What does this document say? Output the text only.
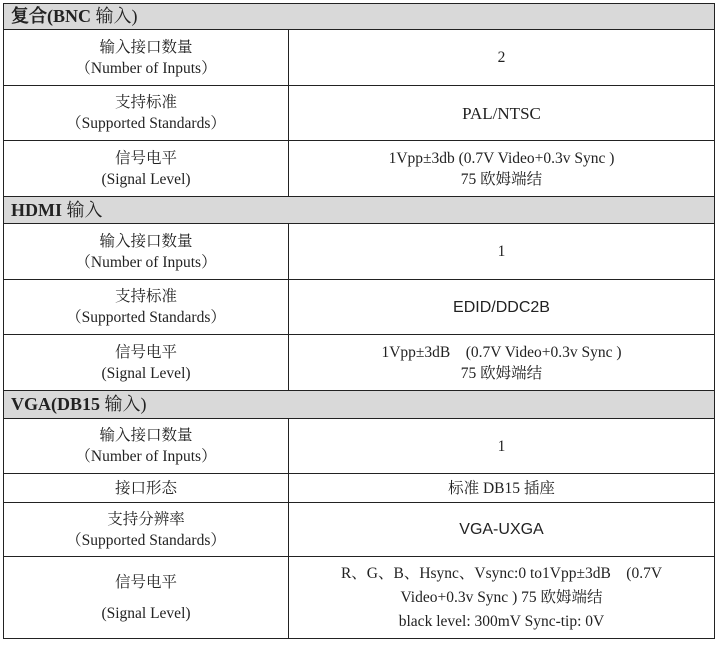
复合(BNC 输入)	

输入接口数量
（Number of Inputs）	2

支持标准
（Supported Standards）	PAL/NTSC

信号电平
(Signal Level)	1Vpp±3db (0.7V Video+0.3v Sync )
75 欧姆端结

HDMI 输入	

输入接口数量
（Number of Inputs）	1

支持标准
（Supported Standards）	EDID/DDC2B

信号电平
(Signal Level)	1Vpp±3dB    (0.7V Video+0.3v Sync )
75 欧姆端结

VGA(DB15 输入)	

输入接口数量
（Number of Inputs）	1

接口形态	标准 DB15 插座

支持分辨率
（Supported Standards）	VGA-UXGA

信号电平
(Signal Level)	R、G、B、Hsync、Vsync:0 to1Vpp±3dB    (0.7V
Video+0.3v Sync ) 75 欧姆端结
black level: 300mV Sync-tip: 0V
